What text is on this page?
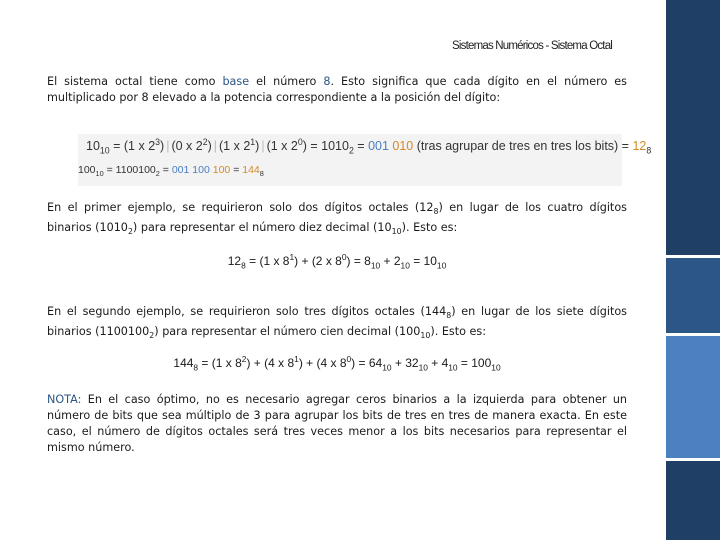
Sistemas Numéricos - Sistema Octal
El sistema octal tiene como base el número 8. Esto significa que cada dígito en el número es multiplicado por 8 elevado a la potencia correspondiente a la posición del dígito:
$10_{10} = (1$ x $2^3$) | (0 x $2^2$) | (1 x $2^1$) | (1 x $2^0) = 1010_2 = 001$ 010 (tras agrupar de tres en tres los bits) = $12_8$
$100_{10} = 1100100_2 = 001$ 100 $100 = 144_8$
En el primer ejemplo, se requirieron solo dos dígitos octales $(12_8)$ en lugar de los cuatro dígitos binarios $(1010_2)$ para representar el número diez decimal $(10_{10})$. Esto es:
$12_8 = (1$ x $8^1) + (2$ x $8^0) = 8_{10} + 2_{10} = 10_{10}$
En el segundo ejemplo, se requirieron solo tres dígitos octales $(144_8)$ en lugar de los siete dígitos binarios $(1100100_2)$ para representar el número cien decimal $(100_{10})$. Esto es:
$144_8 = (1$ x $8^2) + (4$ x $8^1) + (4$ x $8^0) = 64_{10} + 32_{10} + 4_{10} = 100_{10}$
NOTA: En el caso óptimo, no es necesario agregar ceros binarios a la izquierda para obtener un número de bits que sea múltiplo de 3 para agrupar los bits de tres en tres de manera exacta. En este caso, el número de dígitos octales será tres veces menor a los bits necesarios para representar el mismo número.
